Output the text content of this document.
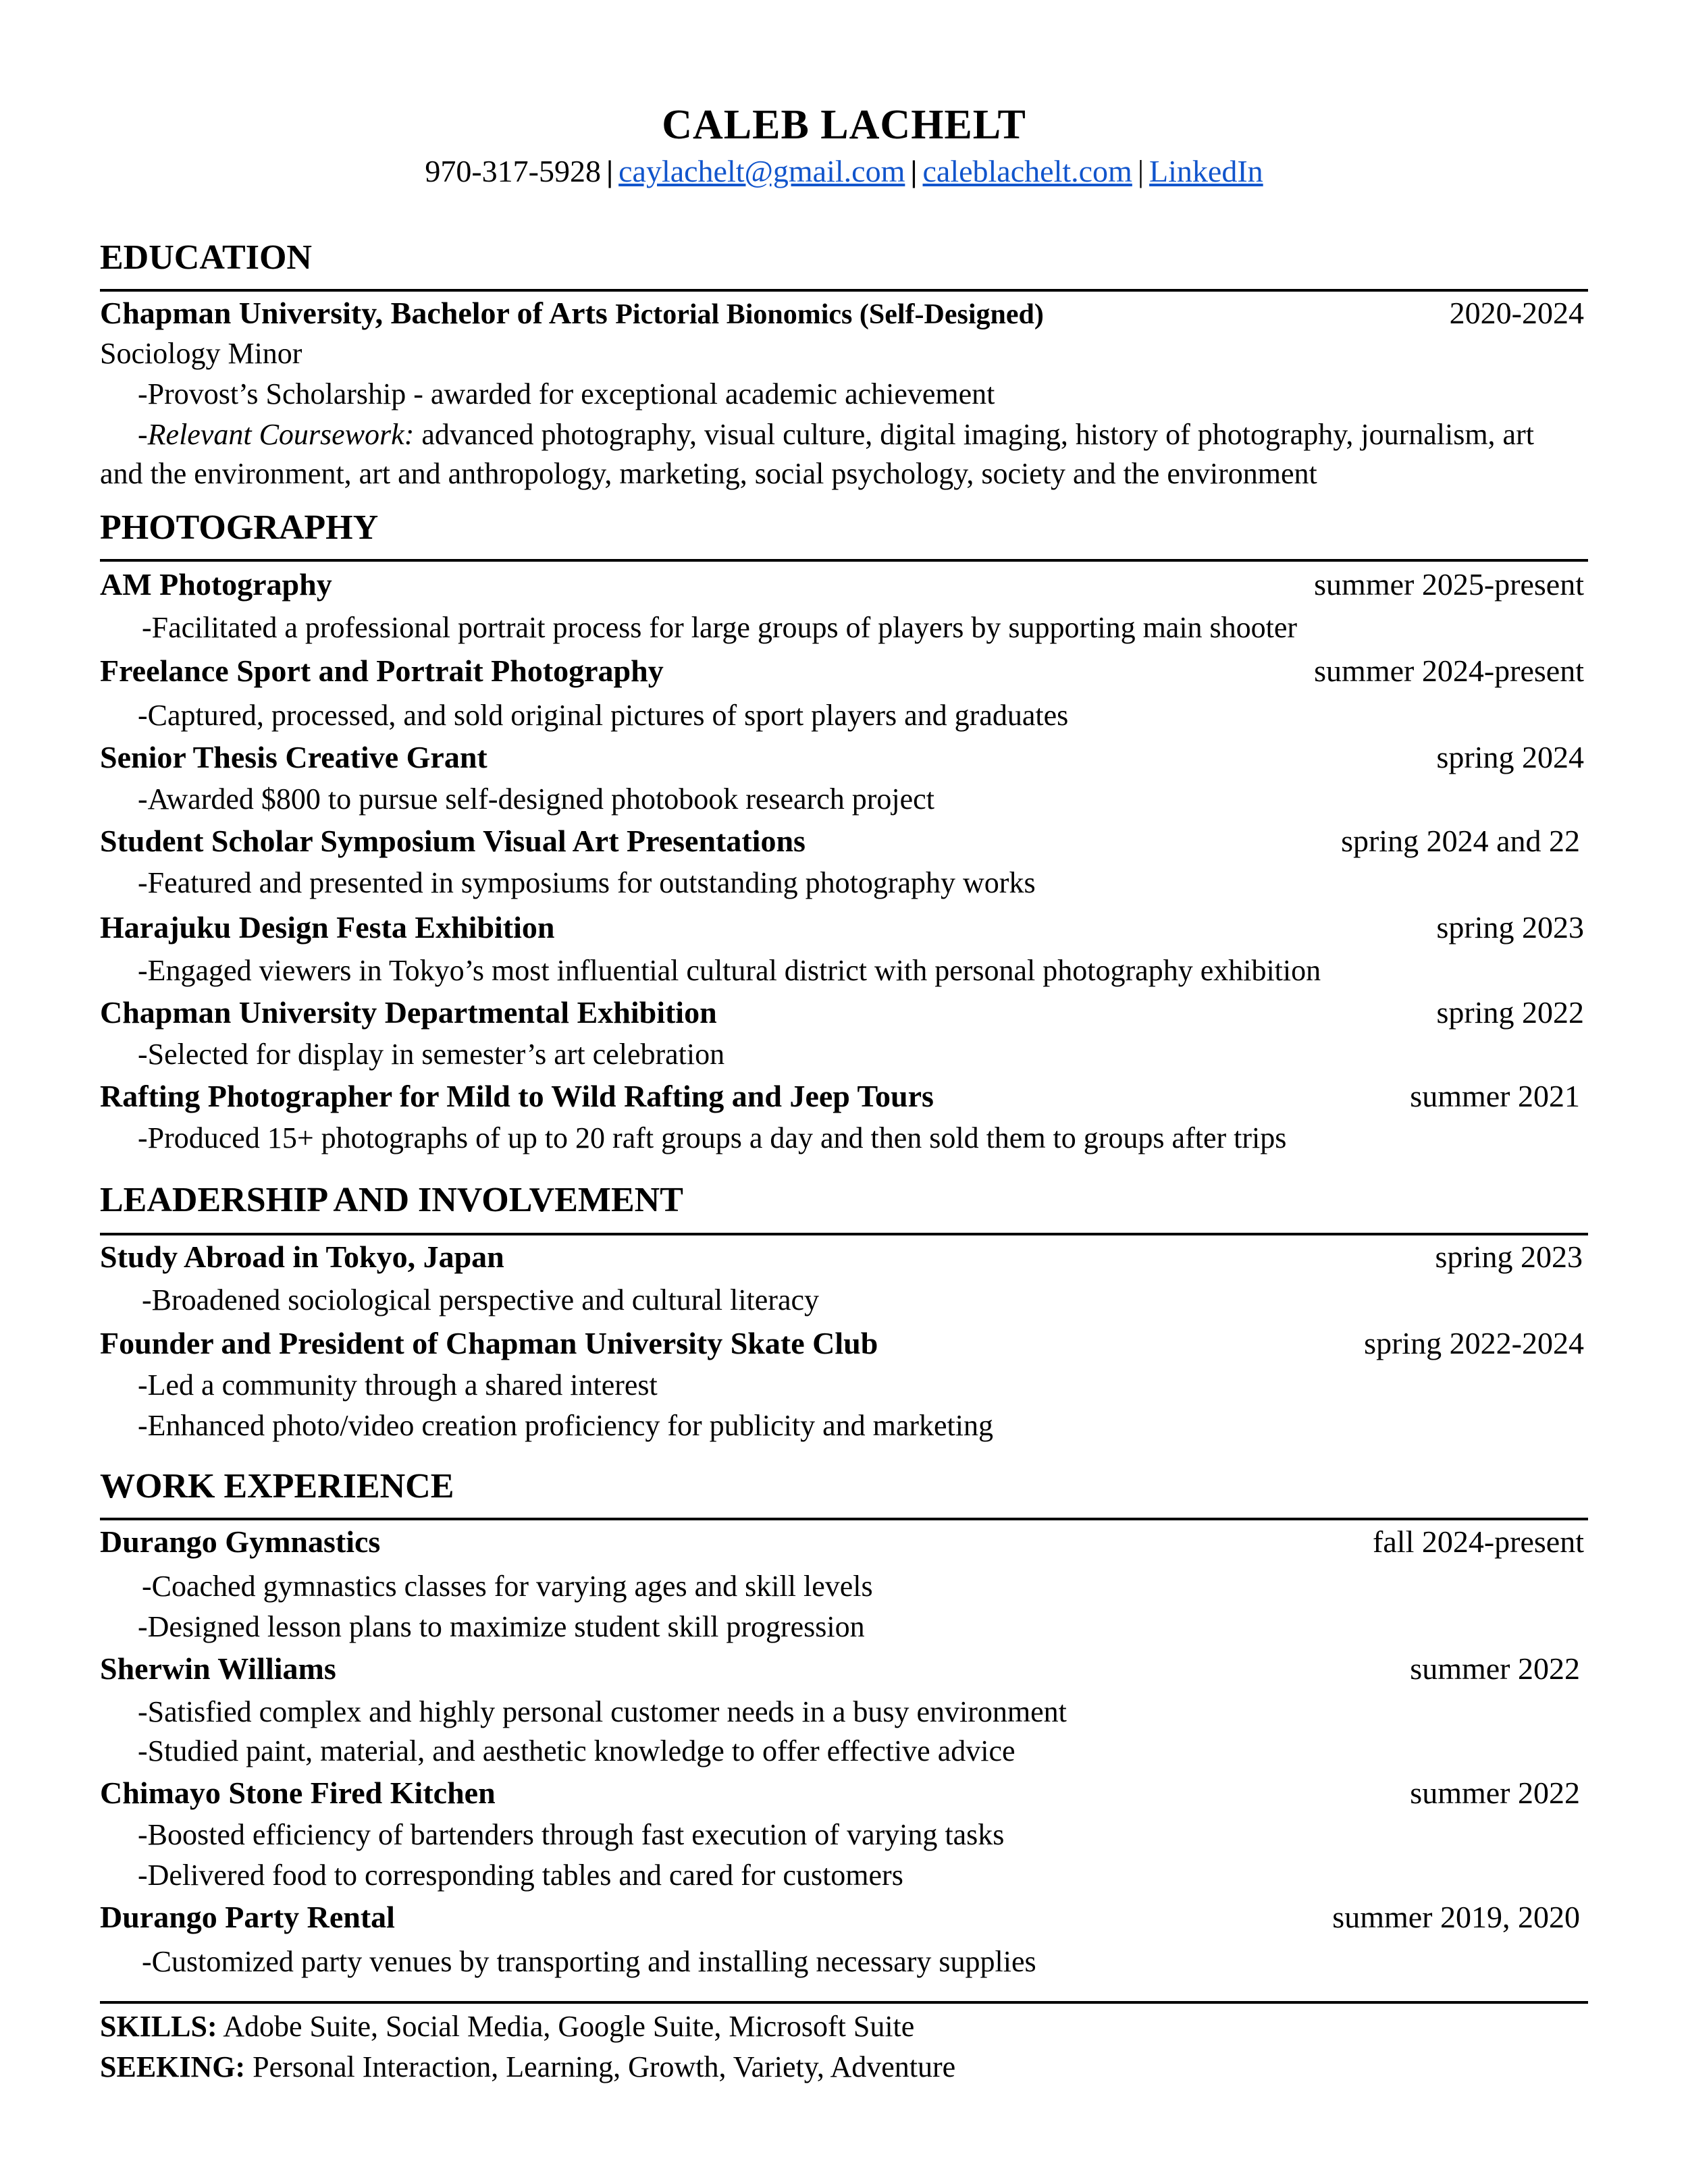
CALEB LACHELT
970-317-5928 | caylachelt@gmail.com | caleblachelt.com | LinkedIn
EDUCATION
Chapman University, Bachelor of Arts Pictorial Bionomics (Self-Designed)	2020-2024
Sociology Minor
-Provost’s Scholarship - awarded for exceptional academic achievement
-Relevant Coursework: advanced photography, visual culture, digital imaging, history of photography, journalism, art
and the environment, art and anthropology, marketing, social psychology, society and the environment
PHOTOGRAPHY
AM Photography	summer 2025-present
-Facilitated a professional portrait process for large groups of players by supporting main shooter
Freelance Sport and Portrait Photography	summer 2024-present
-Captured, processed, and sold original pictures of sport players and graduates
Senior Thesis Creative Grant	spring 2024
-Awarded $800 to pursue self-designed photobook research project
Student Scholar Symposium Visual Art Presentations	spring 2024 and 22
-Featured and presented in symposiums for outstanding photography works
Harajuku Design Festa Exhibition	spring 2023
-Engaged viewers in Tokyo’s most influential cultural district with personal photography exhibition
Chapman University Departmental Exhibition	spring 2022
-Selected for display in semester’s art celebration
Rafting Photographer for Mild to Wild Rafting and Jeep Tours	summer 2021
-Produced 15+ photographs of up to 20 raft groups a day and then sold them to groups after trips
LEADERSHIP AND INVOLVEMENT
Study Abroad in Tokyo, Japan	spring 2023
-Broadened sociological perspective and cultural literacy
Founder and President of Chapman University Skate Club	spring 2022-2024
-Led a community through a shared interest
-Enhanced photo/video creation proficiency for publicity and marketing
WORK EXPERIENCE
Durango Gymnastics	fall 2024-present
-Coached gymnastics classes for varying ages and skill levels
-Designed lesson plans to maximize student skill progression
Sherwin Williams	summer 2022
-Satisfied complex and highly personal customer needs in a busy environment
-Studied paint, material, and aesthetic knowledge to offer effective advice
Chimayo Stone Fired Kitchen	summer 2022
-Boosted efficiency of bartenders through fast execution of varying tasks
-Delivered food to corresponding tables and cared for customers
Durango Party Rental	summer 2019, 2020
-Customized party venues by transporting and installing necessary supplies
SKILLS: Adobe Suite, Social Media, Google Suite, Microsoft Suite
SEEKING: Personal Interaction, Learning, Growth, Variety, Adventure
